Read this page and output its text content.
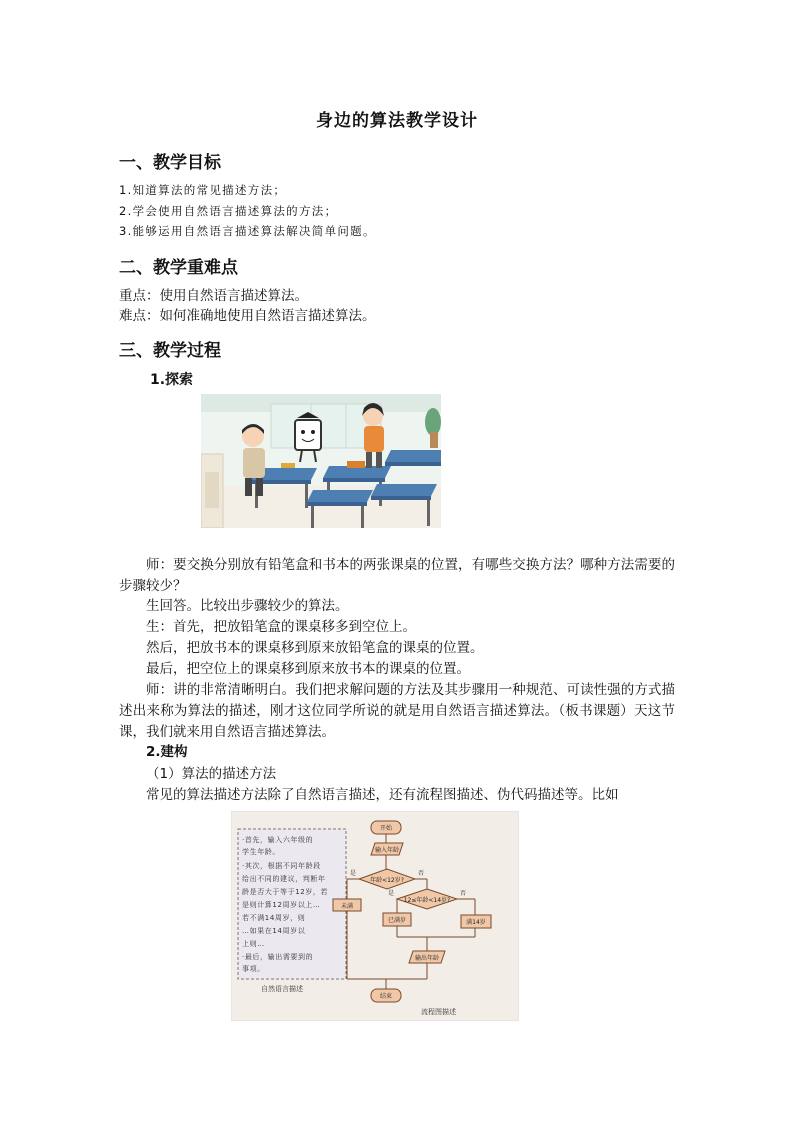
身边的算法教学设计
一、教学目标
1.知道算法的常见描述方法；
2.学会使用自然语言描述算法的方法；
3.能够运用自然语言描述算法解决简单问题。
二、教学重难点
重点：使用自然语言描述算法。
难点：如何准确地使用自然语言描述算法。
三、教学过程
1.探索
师：要交换分别放有铅笔盒和书本的两张课桌的位置，有哪些交换方法？哪种方法需要的步骤较少？
生回答。比较出步骤较少的算法。
生：首先，把放铅笔盒的课桌移多到空位上。
然后，把放书本的课桌移到原来放铅笔盒的课桌的位置。
最后，把空位上的课桌移到原来放书本的课桌的位置。
师：讲的非常清晰明白。我们把求解问题的方法及其步骤用一种规范、可读性强的方式描述出来称为算法的描述，刚才这位同学所说的就是用自然语言描述算法。（板书课题）天这节课，我们就来用自然语言描述算法。
2.建构
（1）算法的描述方法
常见的算法描述方法除了自然语言描述，还有流程图描述、伪代码描述等。比如
·首先，输入六年级的
学生年龄。
·其次，根据不同年龄段
给出不同的建议，判断年
龄是否大于等于12岁，若
是则计算12周岁以上…
若不满14周岁，则
…如果在14周岁以
上则…
·最后，输出需要到的
事项。
自然语言描述
开始
输入年龄
年龄<12岁?
12≤年龄<14岁?
未满
已满岁	满14岁
输出年龄
结束
是	否
是	否
流程图描述
